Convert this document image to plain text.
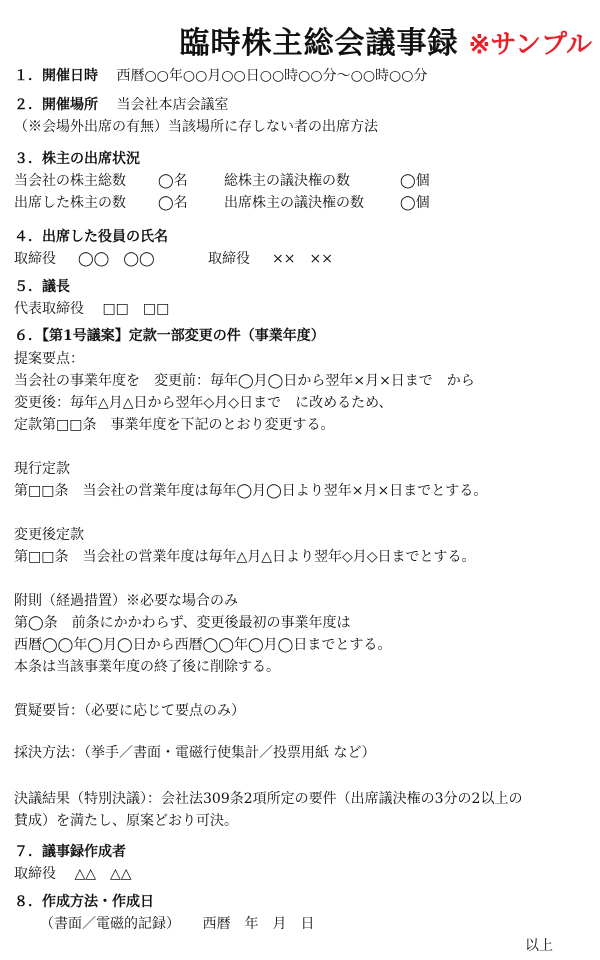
臨時株主総会議事録 ※サンプル
１．開催日時 西暦○○年○○月○○日○○時○○分〜○○時○○分
２．開催場所 当会社本店会議室
（※会場外出席の有無）当該場所に存しない者の出席方法
３．株主の出席状況
当会社の株主総数 ◯名	総株主の議決権の数	◯個
出席した株主の数 ◯名	出席株主の議決権の数	◯個
４．出席した役員の氏名
取締役 ◯◯　◯◯	取締役 ××　××
５．議長
代表取締役 □□　□□
６．【第1号議案】定款一部変更の件（事業年度）
提案要点：
当会社の事業年度を　変更前：毎年◯月◯日から翌年×月×日まで　から
変更後：毎年△月△日から翌年◇月◇日まで　に改めるため、
定款第□□条　事業年度を下記のとおり変更する。
現行定款
第□□条　当会社の営業年度は毎年◯月◯日より翌年×月×日までとする。
変更後定款
第□□条　当会社の営業年度は毎年△月△日より翌年◇月◇日までとする。
附則（経過措置）※必要な場合のみ
第◯条　前条にかかわらず、変更後最初の事業年度は
西暦◯◯年◯月◯日から西暦◯◯年◯月◯日までとする。
本条は当該事業年度の終了後に削除する。
質疑要旨：（必要に応じて要点のみ）
採決方法：（挙手／書面・電磁行使集計／投票用紙 など）
決議結果（特別決議）：会社法309条2項所定の要件（出席議決権の3分の2以上の
賛成）を満たし、原案どおり可決。
７．議事録作成者
取締役 △△　△△
８．作成方法・作成日
（書面／電磁的記録） 西暦　年　月　日
以上
